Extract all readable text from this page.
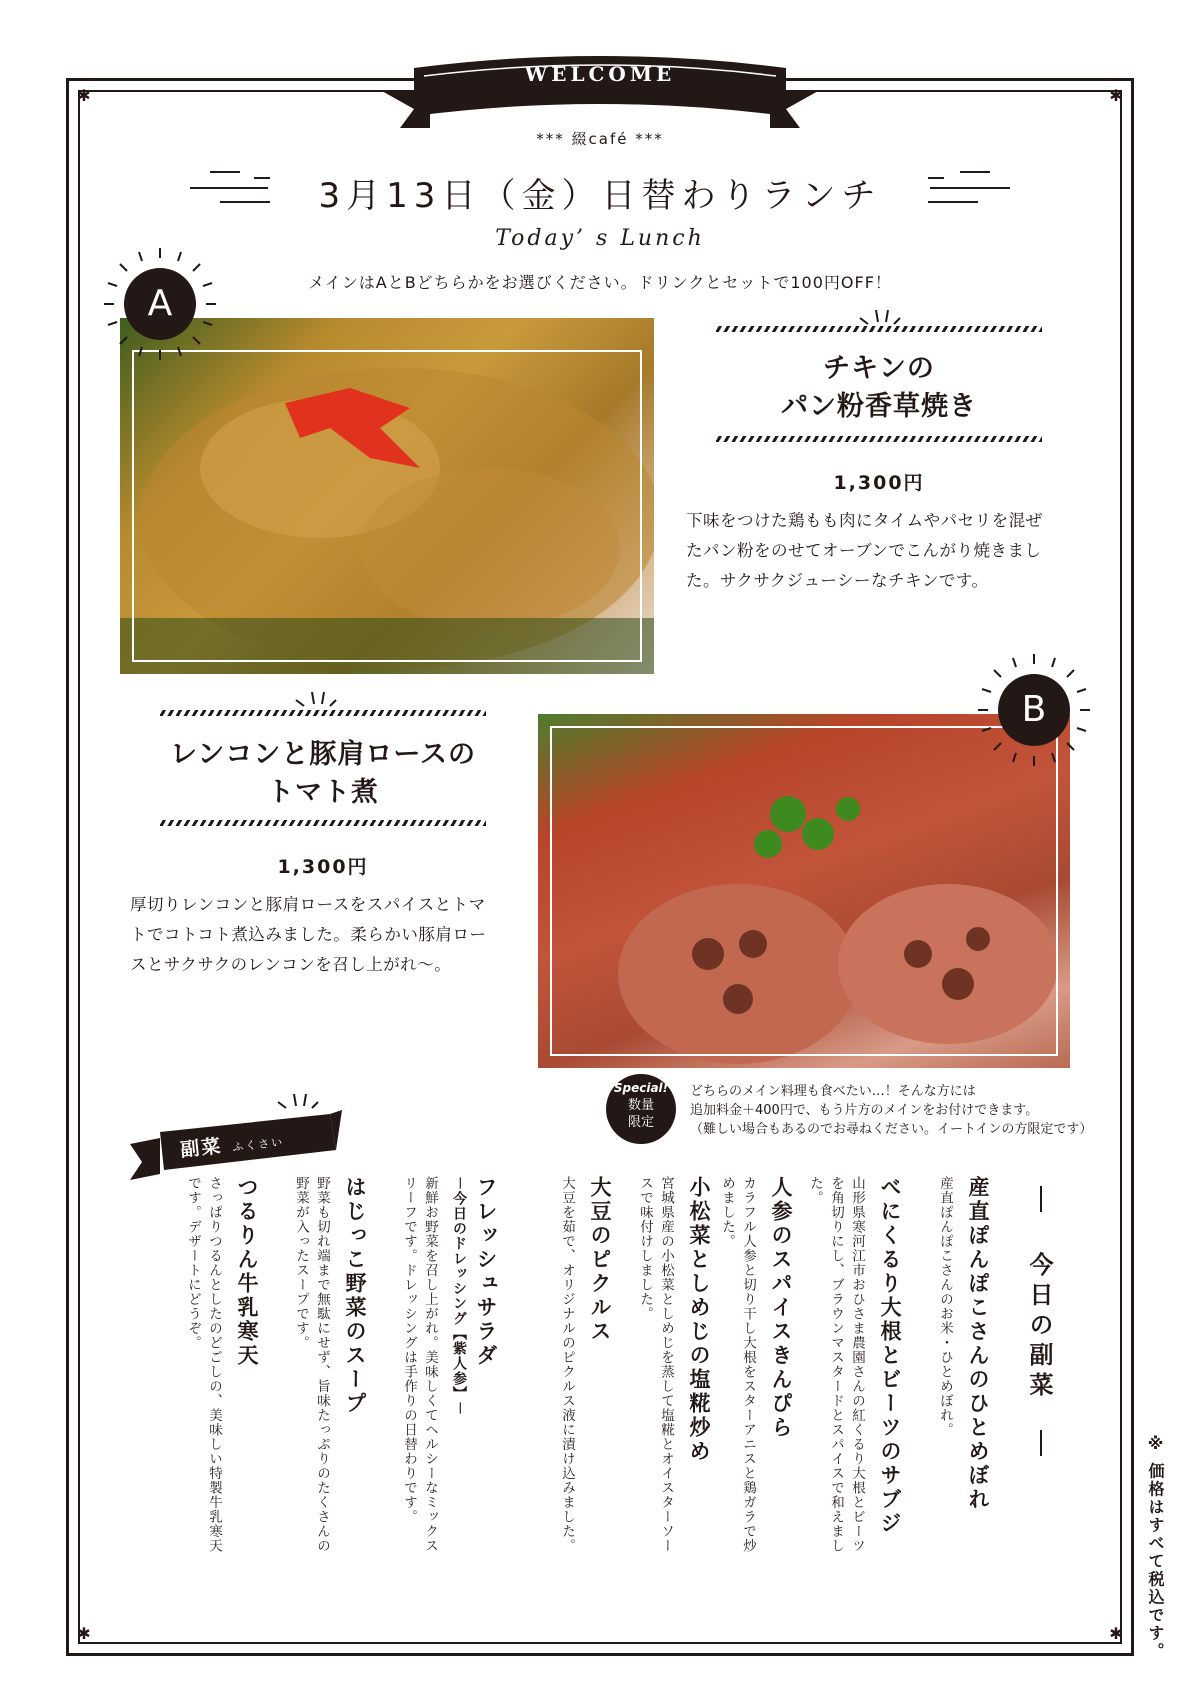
✱	✱
✱	✱
WELCOME
*** 綴café ***
3月13日（金）日替わりランチ
Today’ s Lunch
メインはAとBどちらかをお選びください。ドリンクとセットで100円OFF！
A
チキンの
パン粉香草焼き
1,300円
下味をつけた鶏もも肉にタイムやパセリを混ぜ
たパン粉をのせてオーブンでこんがり焼きまし
た。サクサクジューシーなチキンです。
レンコンと豚肩ロースの
トマト煮
1,300円
厚切りレンコンと豚肩ロースをスパイスとトマ
トでコトコト煮込みました。柔らかい豚肩ロー
スとサクサクのレンコンを召し上がれ〜。
B
Special!
数量
限定
どちらのメイン料理も食べたい…！そんな方には
追加料金＋400円で、もう片方のメインをお付けできます。
（難しい場合もあるのでお尋ねください。イートインの方限定です）
副菜 ふくさい
今日の副菜
産直ぽんぽこさんのひとめぼれ
産直ぽんぽこさんのお米・ひとめぼれ。
べにくるり大根とビーツのサブジ
山形県寒河江市おひさま農園さんの紅くるり大根とビーツ
を角切りにし、ブラウンマスタードとスパイスで和えまし
た。
人参のスパイスきんぴら
カラフル人参と切り干し大根をスターアニスと鶏ガラで炒
めました。
小松菜としめじの塩糀炒め
宮城県産の小松菜としめじを蒸して塩糀とオイスターソー
スで味付けしました。
大豆のピクルス
大豆を茹で、オリジナルのピクルス液に漬け込みました。
フレッシュサラダ
－今日のドレッシング【紫人参】－
新鮮お野菜を召し上がれ。美味しくてヘルシーなミックス
リーフです。ドレッシングは手作りの日替わりです。
はじっこ野菜のスープ
野菜も切れ端まで無駄にせず、旨味たっぷりのたくさんの
野菜が入ったスープです。
つるりん牛乳寒天
さっぱりつるんとしたのどごしの、美味しい特製牛乳寒天
です。デザートにどうぞ。
※ 価格はすべて税込です。
